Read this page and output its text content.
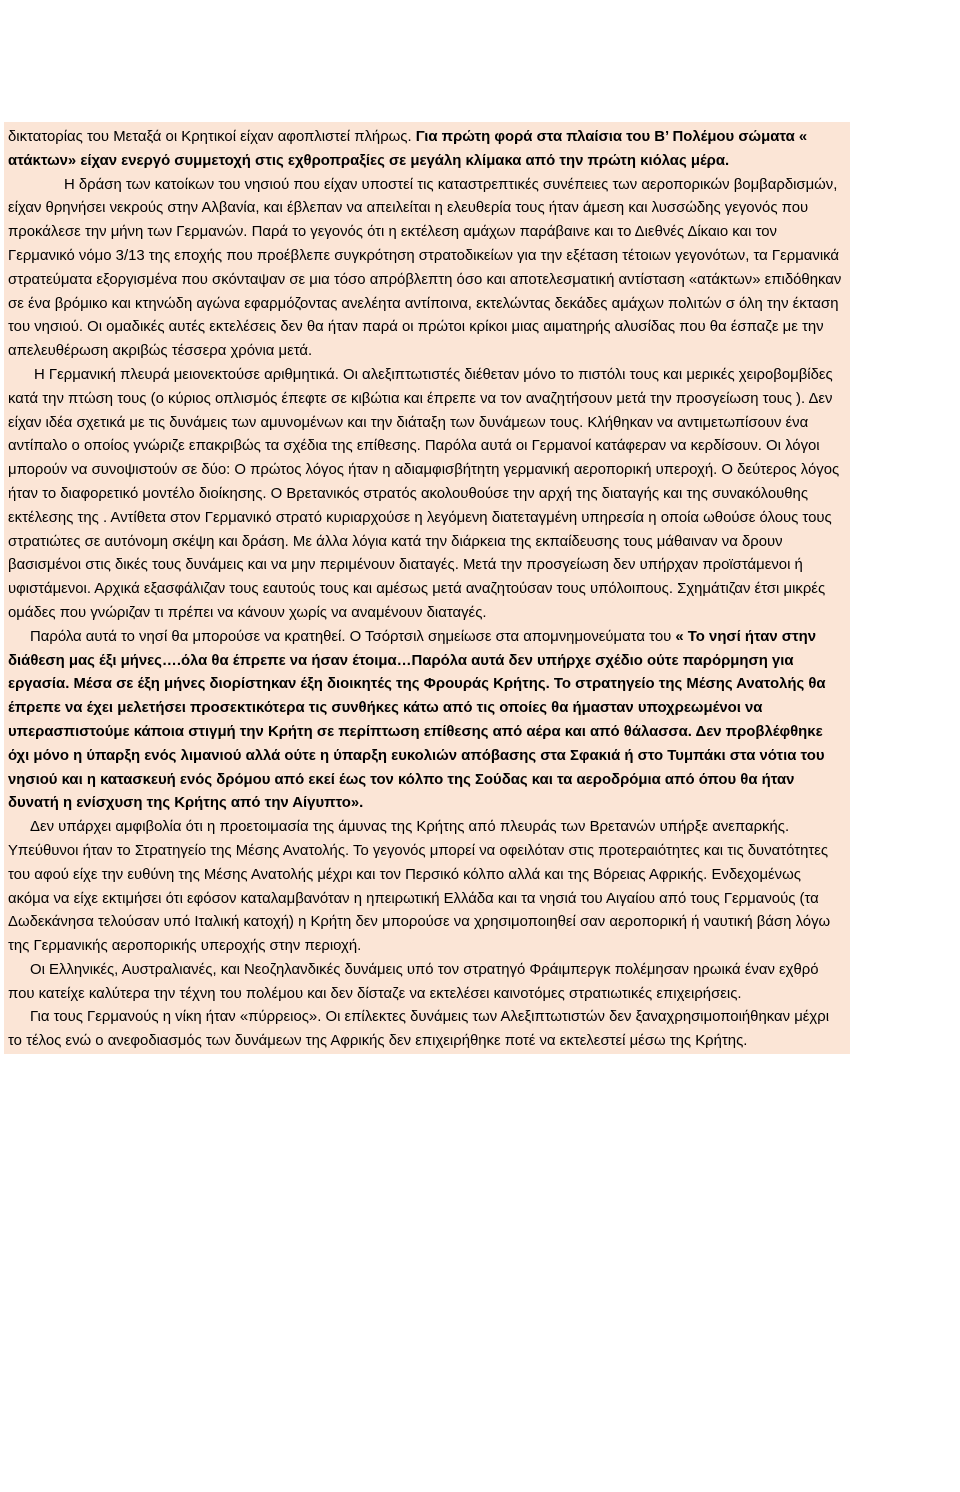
δικτατορίας του Μεταξά οι Κρητικοί είχαν αφοπλιστεί πλήρως. Για πρώτη φορά στα πλαίσια του Β’ Πολέμου σώματα « ατάκτων» είχαν ενεργό συμμετοχή στις εχθροπραξίες σε μεγάλη κλίμακα από την πρώτη κιόλας μέρα.

Η δράση των κατοίκων του νησιού που είχαν υποστεί τις καταστρεπτικές συνέπειες των αεροπορικών βομβαρδισμών, είχαν θρηνήσει νεκρούς στην Αλβανία, και έβλεπαν να απειλείται η ελευθερία τους ήταν άμεση και λυσσώδης γεγονός που προκάλεσε την μήνη των Γερμανών. Παρά το γεγονός ότι η εκτέλεση αμάχων παράβαινε και το Διεθνές Δίκαιο και τον Γερμανικό νόμο 3/13 της εποχής που προέβλεπε συγκρότηση στρατοδικείων για την εξέταση τέτοιων γεγονότων, τα Γερμανικά στρατεύματα εξοργισμένα που σκόνταψαν σε μια τόσο απρόβλεπτη όσο και αποτελεσματική αντίσταση «ατάκτων» επιδόθηκαν σε ένα βρόμικο και κτηνώδη αγώνα εφαρμόζοντας ανελέητα αντίποινα, εκτελώντας δεκάδες αμάχων πολιτών σ όλη την έκταση του νησιού. Οι ομαδικές αυτές εκτελέσεις δεν θα ήταν παρά οι πρώτοι κρίκοι μιας αιματηρής αλυσίδας που θα έσπαζε με την απελευθέρωση ακριβώς τέσσερα χρόνια μετά.

Η Γερμανική πλευρά μειονεκτούσε αριθμητικά. Οι αλεξιπτωτιστές διέθεταν μόνο το πιστόλι τους και μερικές χειροβομβίδες κατά την πτώση τους (ο κύριος οπλισμός έπεφτε σε κιβώτια και έπρεπε να τον αναζητήσουν μετά την προσγείωση τους ). Δεν είχαν ιδέα σχετικά με τις δυνάμεις των αμυνομένων και την διάταξη των δυνάμεων τους. Κλήθηκαν να αντιμετωπίσουν ένα αντίπαλο ο οποίος γνώριζε επακριβώς τα σχέδια της επίθεσης. Παρόλα αυτά οι Γερμανοί κατάφεραν να κερδίσουν. Οι λόγοι μπορούν να συνοψιστούν σε δύο: Ο πρώτος λόγος ήταν η αδιαμφισβήτητη γερμανική αεροπορική υπεροχή. Ο δεύτερος λόγος ήταν το διαφορετικό μοντέλο διοίκησης. Ο Βρετανικός στρατός ακολουθούσε την αρχή της διαταγής και της συνακόλουθης εκτέλεσης της . Αντίθετα στον Γερμανικό στρατό κυριαρχούσε η λεγόμενη διατεταγμένη υπηρεσία η οποία ωθούσε όλους τους στρατιώτες σε αυτόνομη σκέψη και δράση. Με άλλα λόγια κατά την διάρκεια της εκπαίδευσης τους μάθαιναν να δρουν βασισμένοι στις δικές τους δυνάμεις και να μην περιμένουν διαταγές. Μετά την προσγείωση δεν υπήρχαν προϊστάμενοι ή υφιστάμενοι. Αρχικά εξασφάλιζαν τους εαυτούς τους και αμέσως μετά αναζητούσαν τους υπόλοιπους. Σχημάτιζαν έτσι μικρές ομάδες που γνώριζαν τι πρέπει να κάνουν χωρίς να αναμένουν διαταγές.

Παρόλα αυτά το νησί θα μπορούσε να κρατηθεί. Ο Τσόρτσιλ σημείωσε στα απομνημονεύματα του « Το νησί ήταν στην διάθεση μας έξι μήνες….όλα θα έπρεπε να ήσαν έτοιμα…Παρόλα αυτά δεν υπήρχε σχέδιο ούτε παρόρμηση για εργασία. Μέσα σε έξη μήνες διορίστηκαν έξη διοικητές της Φρουράς Κρήτης. Το στρατηγείο της Μέσης Ανατολής θα έπρεπε να έχει μελετήσει προσεκτικότερα τις συνθήκες κάτω από τις οποίες θα ήμασταν υποχρεωμένοι να υπερασπιστούμε κάποια στιγμή την Κρήτη σε περίπτωση επίθεσης από αέρα και από θάλασσα. Δεν προβλέφθηκε όχι μόνο η ύπαρξη ενός λιμανιού αλλά ούτε η ύπαρξη ευκολιών απόβασης στα Σφακιά ή στο Τυμπάκι στα νότια του νησιού και η κατασκευή ενός δρόμου από εκεί έως τον κόλπο της Σούδας και τα αεροδρόμια από όπου θα ήταν δυνατή η ενίσχυση της Κρήτης από την Αίγυπτο».

Δεν υπάρχει αμφιβολία ότι η προετοιμασία της άμυνας της Κρήτης από πλευράς των Βρετανών υπήρξε ανεπαρκής. Υπεύθυνοι ήταν το Στρατηγείο της Μέσης Ανατολής. Το γεγονός μπορεί να οφειλόταν στις προτεραιότητες και τις δυνατότητες του αφού είχε την ευθύνη της Μέσης Ανατολής μέχρι και τον Περσικό κόλπο αλλά και της Βόρειας Αφρικής. Ενδεχομένως ακόμα να είχε εκτιμήσει ότι εφόσον καταλαμβανόταν η ηπειρωτική Ελλάδα και τα νησιά του Αιγαίου από τους Γερμανούς (τα Δωδεκάνησα τελούσαν υπό Ιταλική κατοχή) η Κρήτη δεν μπορούσε να χρησιμοποιηθεί σαν αεροπορική ή ναυτική βάση λόγω της Γερμανικής αεροπορικής υπεροχής στην περιοχή.

Οι Ελληνικές, Αυστραλιανές, και Νεοζηλανδικές δυνάμεις υπό τον στρατηγό Φράιμπεργκ πολέμησαν ηρωικά έναν εχθρό που κατείχε καλύτερα την τέχνη του πολέμου και δεν δίσταζε να εκτελέσει καινοτόμες στρατιωτικές επιχειρήσεις.

Για τους Γερμανούς η νίκη ήταν «πύρρειος». Οι επίλεκτες δυνάμεις των Αλεξιπτωτιστών δεν ξαναχρησιμοποιήθηκαν μέχρι το τέλος ενώ ο ανεφοδιασμός των δυνάμεων της Αφρικής δεν επιχειρήθηκε ποτέ να εκτελεστεί μέσω της Κρήτης.
